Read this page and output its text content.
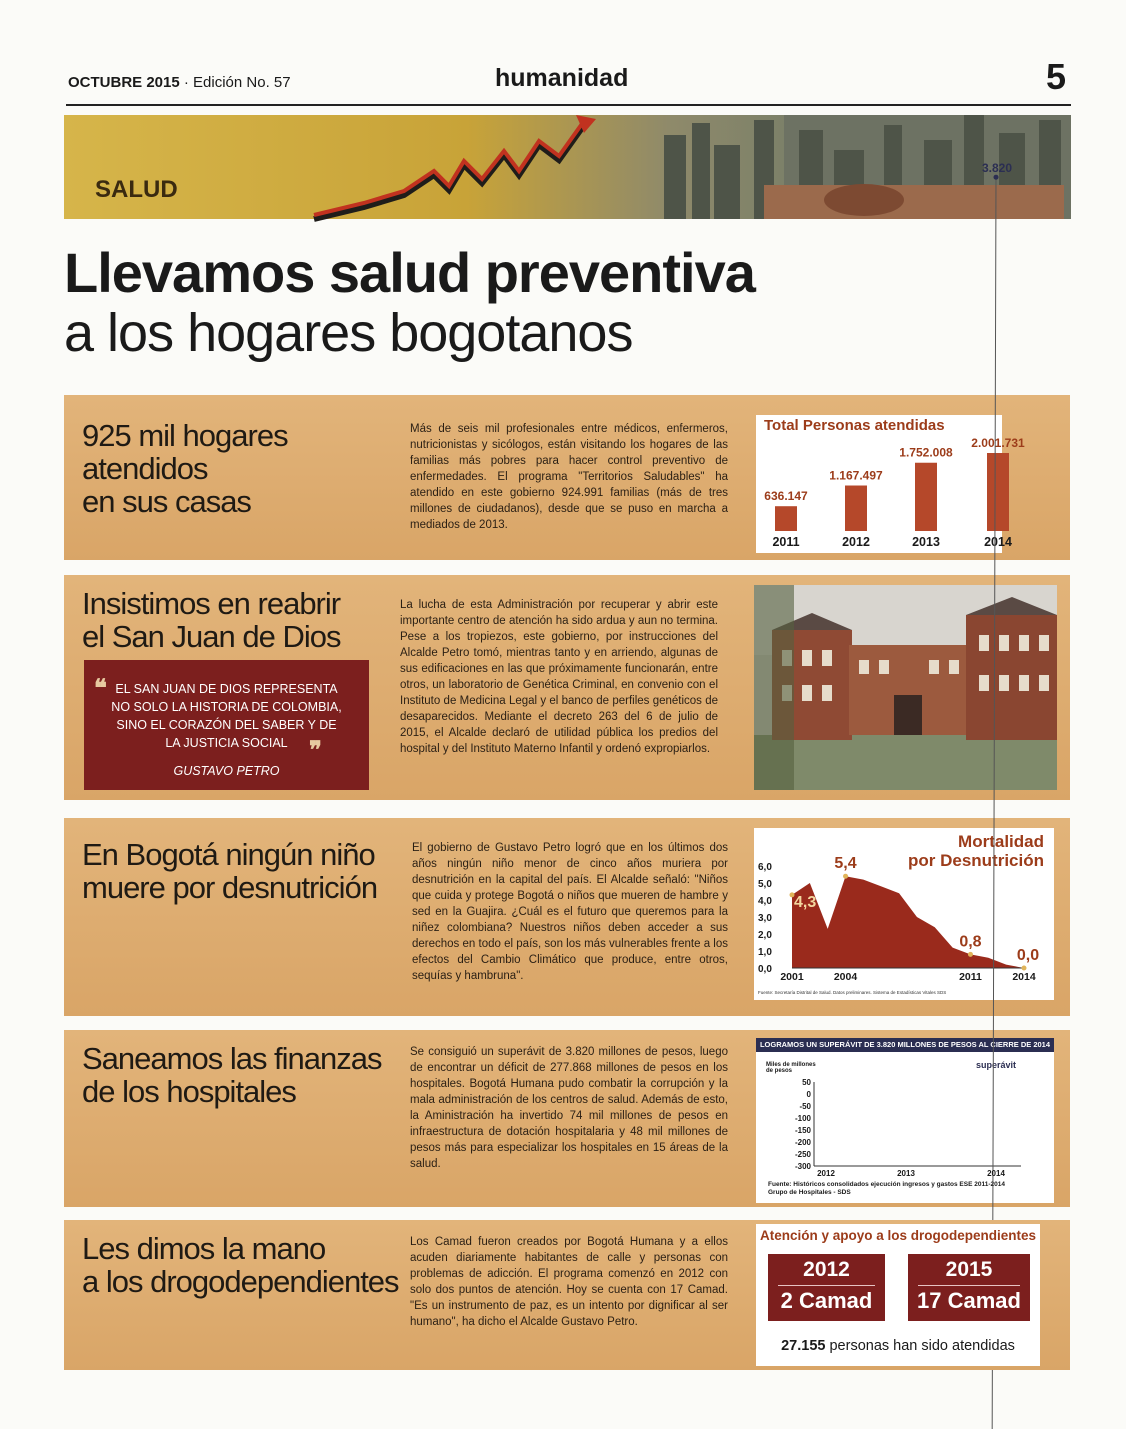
OCTUBRE 2015 · Edición No. 57	humanidad	5
SALUD
Llevamos salud preventiva
a los hogares bogotanos
925 mil hogares
atendidos
en sus casas
Más de seis mil profesionales entre médicos, enfermeros, nutricionistas y sicólogos, están visitando los hogares de las familias más pobres para hacer control preventivo de enfermedades. El programa "Territorios Saludables" ha atendido en este gobierno 924.991 familias (más de tres millones de ciudadanos), desde que se puso en marcha a mediados de 2013.
Total Personas atendidas
636.147
2011
1.167.497
2012
1.752.008
2013
2.001.731
2014
Insistimos en reabrir
el San Juan de Dios
❝ EL SAN JUAN DE DIOS REPRESENTA
NO SOLO LA HISTORIA DE COLOMBIA,
SINO EL CORAZÓN DEL SABER Y DE
LA JUSTICIA SOCIAL ❞
GUSTAVO PETRO
La lucha de esta Administración por recuperar y abrir este importante centro de atención ha sido ardua y aun no termina. Pese a los tropiezos, este gobierno, por instrucciones del Alcalde Petro tomó, mientras tanto y en arriendo, algunas de sus edificaciones en las que próximamente funcionarán, entre otros, un laboratorio de Genética Criminal, en convenio con el Instituto de Medicina Legal y el banco de perfiles genéticos de desaparecidos. Mediante el decreto 263 del 6 de julio de 2015, el Alcalde declaró de utilidad pública los predios del hospital y del Instituto Materno Infantil y ordenó expropiarlos.
En Bogotá ningún niño
muere por desnutrición
El gobierno de Gustavo Petro logró que en los últimos dos años ningún niño menor de cinco años muriera por desnutrición en la capital del país. El Alcalde señaló: "Niños que cuida y protege Bogotá o niños que mueren de hambre y sed en la Guajira. ¿Cuál es el futuro que queremos para la niñez colombiana? Nuestros niños deben acceder a sus derechos en todo el país, son los más vulnerables frente a los efectos del Cambio Climático que produce, entre otros, sequías y hambruna".
Mortalidad
por Desnutrición
0,0
1,0
2,0
3,0
4,0
5,0
6,0
2001	2004	2011	2014
4,3
5,4
0,8
0,0
Fuente: Secretaría Distrital de Salud. Datos preliminares. Sistema de Estadísticas Vitales SDS
Saneamos las finanzas
de los hospitales
Se consiguió un superávit de 3.820 millones de pesos, luego de encontrar un déficit de 277.868 millones de pesos en los hospitales. Bogotá Humana pudo combatir la corrupción y la mala administración de los centros de salud. Además de esto, la Aministración ha invertido 74 mil millones de pesos en infraestructura de dotación hospitalaria y 48 mil millones de pesos más para especializar los hospitales en 15 áreas de la salud.
LOGRAMOS UN SUPERÁVIT DE 3.820 MILLONES DE PESOS AL CIERRE DE 2014
Miles de millones
de pesos
superávit
50
0
-50
-100
-150
-200
-250
-300
2012	2013	2014
3.820
Fuente: Históricos consolidados ejecución ingresos y gastos ESE 2011-2014
Grupo de Hospitales - SDS
Les dimos la mano
a los drogodependientes
Los Camad fueron creados por Bogotá Humana y a ellos acuden diariamente habitantes de calle y personas con problemas de adicción. El programa comenzó en 2012 con solo dos puntos de atención. Hoy se cuenta con 17 Camad. "Es un instrumento de paz, es un intento por dignificar al ser humano", ha dicho el Alcalde Gustavo Petro.
Atención y apoyo a los drogodependientes
2012
2 Camad
2015
17 Camad
27.155 personas han sido atendidas
